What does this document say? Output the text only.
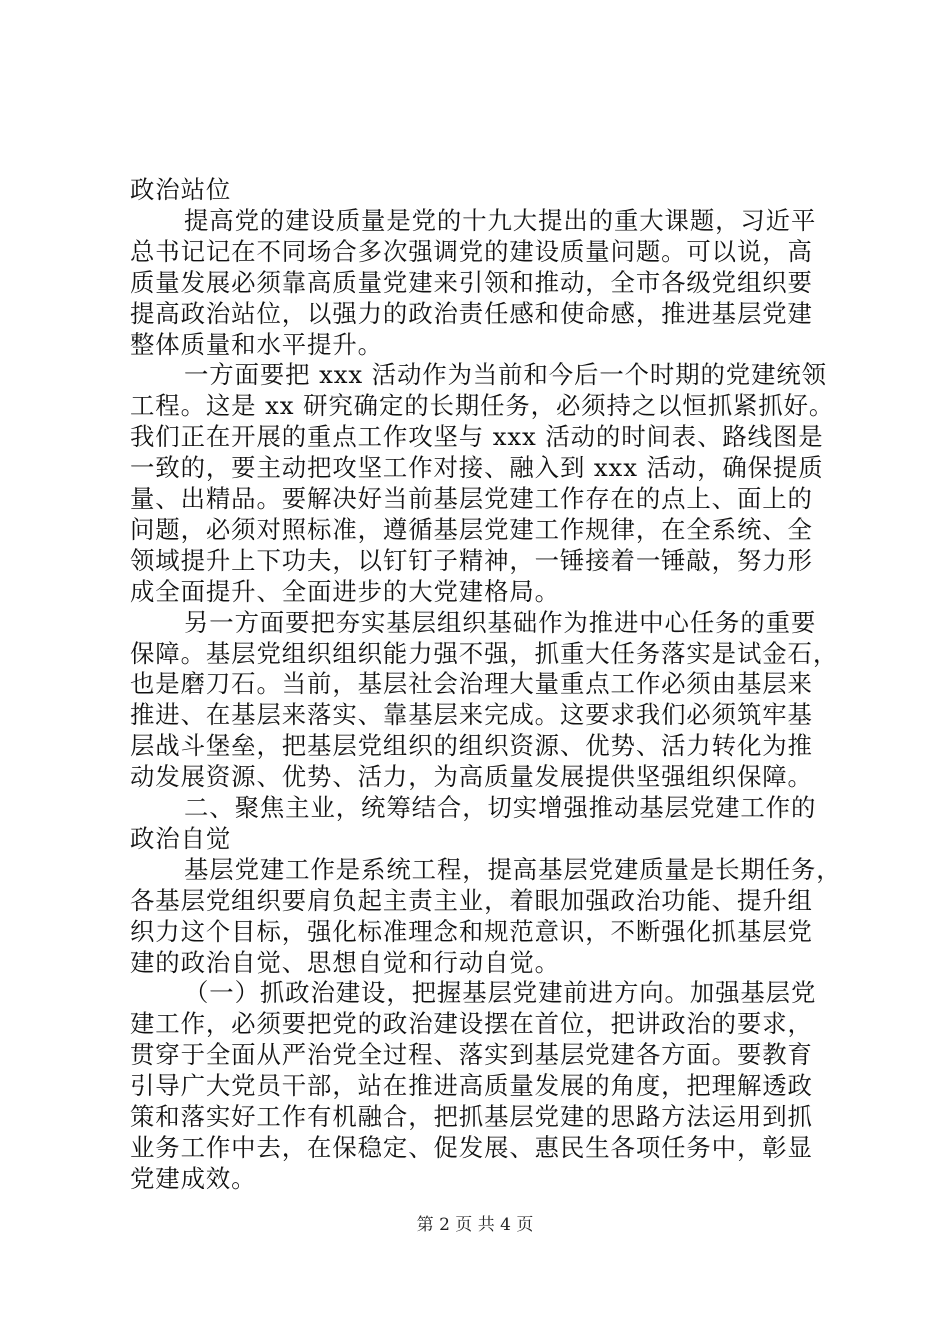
政治站位
提高党的建设质量是党的十九大提出的重大课题，习近平
总书记记在不同场合多次强调党的建设质量问题。可以说，高
质量发展必须靠高质量党建来引领和推动，全市各级党组织要
提高政治站位，以强力的政治责任感和使命感，推进基层党建
整体质量和水平提升。
一方面要把 xxx 活动作为当前和今后一个时期的党建统领
工程。这是 xx 研究确定的长期任务，必须持之以恒抓紧抓好。
我们正在开展的重点工作攻坚与 xxx 活动的时间表、路线图是
一致的，要主动把攻坚工作对接、融入到 xxx 活动，确保提质
量、出精品。要解决好当前基层党建工作存在的点上、面上的
问题，必须对照标准，遵循基层党建工作规律，在全系统、全
领域提升上下功夫，以钉钉子精神，一锤接着一锤敲，努力形
成全面提升、全面进步的大党建格局。
另一方面要把夯实基层组织基础作为推进中心任务的重要
保障。基层党组织组织能力强不强，抓重大任务落实是试金石，
也是磨刀石。当前，基层社会治理大量重点工作必须由基层来
推进、在基层来落实、靠基层来完成。这要求我们必须筑牢基
层战斗堡垒，把基层党组织的组织资源、优势、活力转化为推
动发展资源、优势、活力，为高质量发展提供坚强组织保障。
二、聚焦主业，统筹结合，切实增强推动基层党建工作的
政治自觉
基层党建工作是系统工程，提高基层党建质量是长期任务，
各基层党组织要肩负起主责主业，着眼加强政治功能、提升组
织力这个目标，强化标准理念和规范意识，不断强化抓基层党
建的政治自觉、思想自觉和行动自觉。
（一）抓政治建设，把握基层党建前进方向。加强基层党
建工作，必须要把党的政治建设摆在首位，把讲政治的要求，
贯穿于全面从严治党全过程、落实到基层党建各方面。要教育
引导广大党员干部，站在推进高质量发展的角度，把理解透政
策和落实好工作有机融合，把抓基层党建的思路方法运用到抓
业务工作中去，在保稳定、促发展、惠民生各项任务中，彰显
党建成效。
第 2 页 共 4 页
